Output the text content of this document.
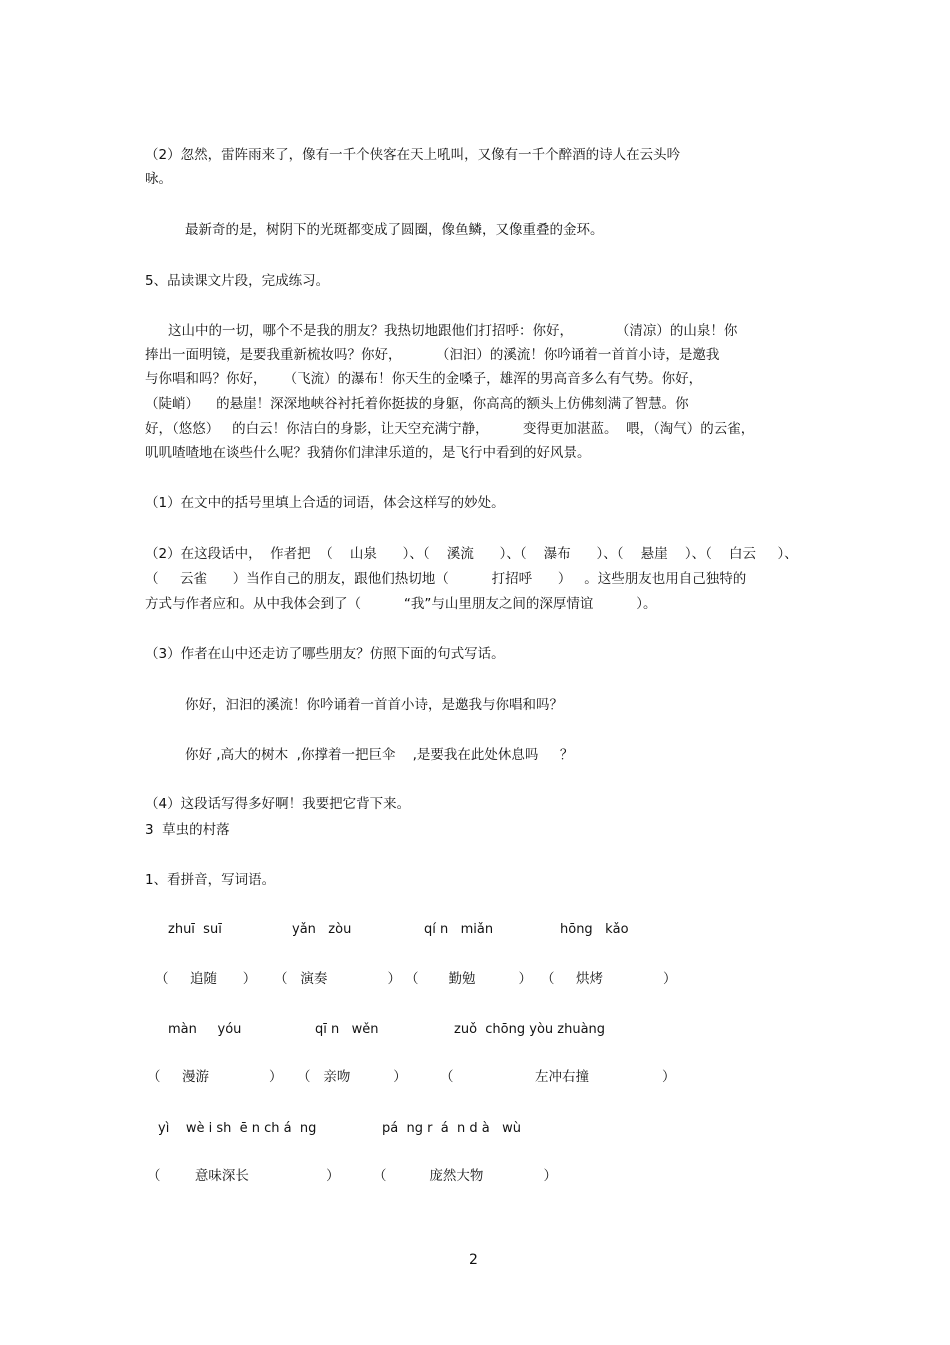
（2）忽然，雷阵雨来了，像有一千个侠客在天上吼叫，又像有一千个醉酒的诗人在云头吟
咏。
最新奇的是，树阴下的光斑都变成了圆圈，像鱼鳞，又像重叠的金环。
5、品读课文片段，完成练习。
这山中的一切，哪个不是我的朋友？我热切地跟他们打招呼：你好，          （清凉）的山泉！你
捧出一面明镜，是要我重新梳妆吗？你好，        （汩汩）的溪流！你吟诵着一首首小诗，是邀我
与你唱和吗？你好，    （飞流）的瀑布！你天生的金嗓子，雄浑的男高音多么有气势。你好，
（陡峭）    的悬崖！深深地峡谷衬托着你挺拔的身躯，你高高的额头上仿佛刻满了智慧。你
好，（悠悠）   的白云！你洁白的身影，让天空充满宁静，        变得更加湛蓝。  喂，（淘气）的云雀，
叽叽喳喳地在谈些什么呢？我猜你们津津乐道的，是飞行中看到的好风景。
（1）在文中的括号里填上合适的词语，体会这样写的妙处。
（2）在这段话中，  作者把  （    山泉      ）、（    溪流      ）、（    瀑布      ）、（    悬崖    ）、（    白云     ）、
（     云雀      ）当作自己的朋友，跟他们热切地（          打招呼      ）   。这些朋友也用自己独特的
方式与作者应和。从中我体会到了（          “我”与山里朋友之间的深厚情谊          ）。
（3）作者在山中还走访了哪些朋友？仿照下面的句式写话。
你好，汩汩的溪流！你吟诵着一首首小诗，是邀我与你唱和吗？
你好 ,高大的树木  ,你撑着一把巨伞    ,是要我在此处休息吗     ？
（4）这段话写得多好啊！我要把它背下来。
3  草虫的村落
1、看拼音，写词语。
zhuī  suī	yǎn   zòu	qí n   miǎn	hōng   kǎo
（     追随      ） （   演奏              ） （       勤勉          ） （     烘烤              ）
màn     yóu	qī n   wěn	zuǒ  chōng yòu zhuàng
（     漫游              ） （   亲吻          ） （                   左冲右撞                 ）
yì    wè i sh  ē n ch á  ng	pá  ng r  á  n d à   wù
（        意味深长                  ） （          庞然大物              ）
2
